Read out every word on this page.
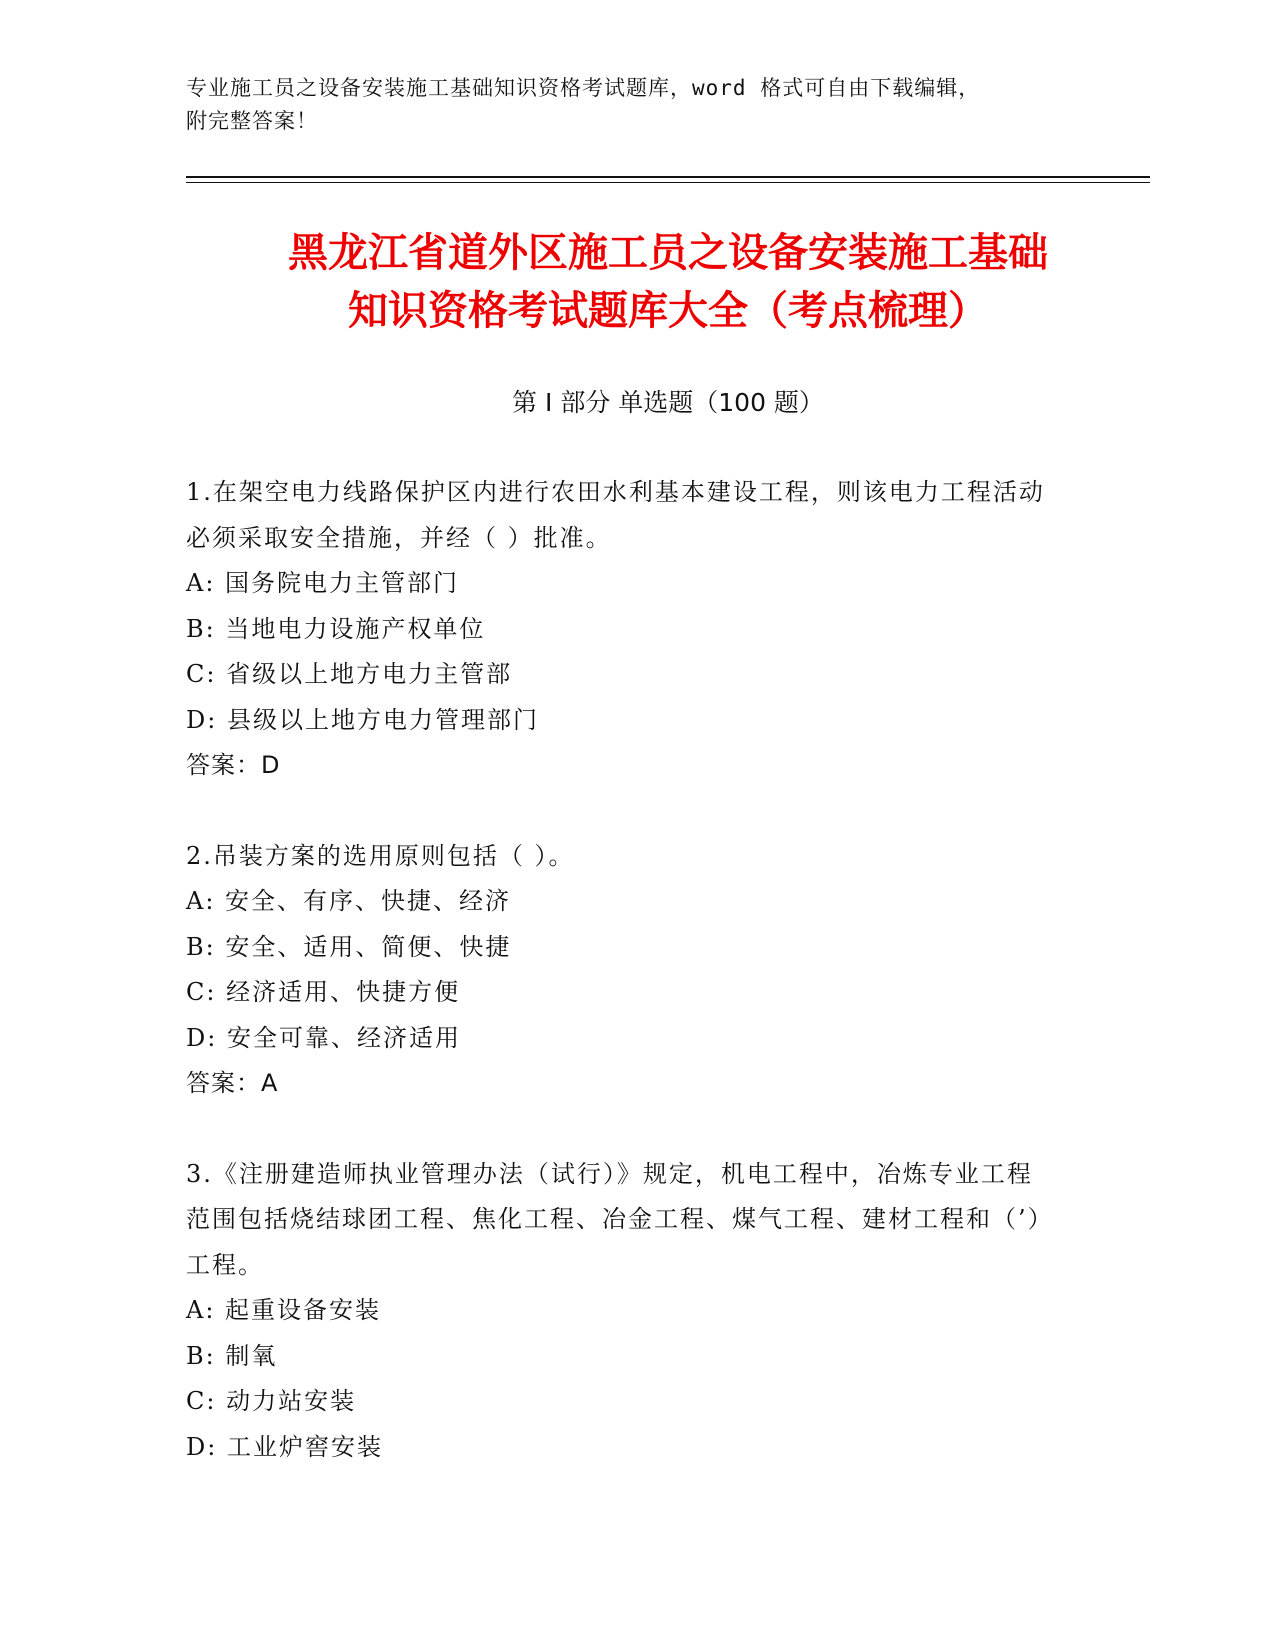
专业施工员之设备安装施工基础知识资格考试题库，word 格式可自由下载编辑，
附完整答案！
黑龙江省道外区施工员之设备安装施工基础
知识资格考试题库大全（考点梳理）
第 I 部分 单选题（100 题）

1.在架空电力线路保护区内进行农田水利基本建设工程，则该电力工程活动必须采取安全措施，并经（ ）批准。

A: 国务院电力主管部门

B: 当地电力设施产权单位

C: 省级以上地方电力主管部

D: 县级以上地方电力管理部门

答案：D

2.吊装方案的选用原则包括（ ）。

A: 安全、有序、快捷、经济

B: 安全、适用、简便、快捷

C: 经济适用、快捷方便

D: 安全可靠、经济适用

答案：A

3.《注册建造师执业管理办法（试行）》规定，机电工程中，冶炼专业工程范围包括烧结球团工程、焦化工程、冶金工程、煤气工程、建材工程和（’）工程。

A: 起重设备安装

B: 制氧

C: 动力站安装

D: 工业炉窖安装
